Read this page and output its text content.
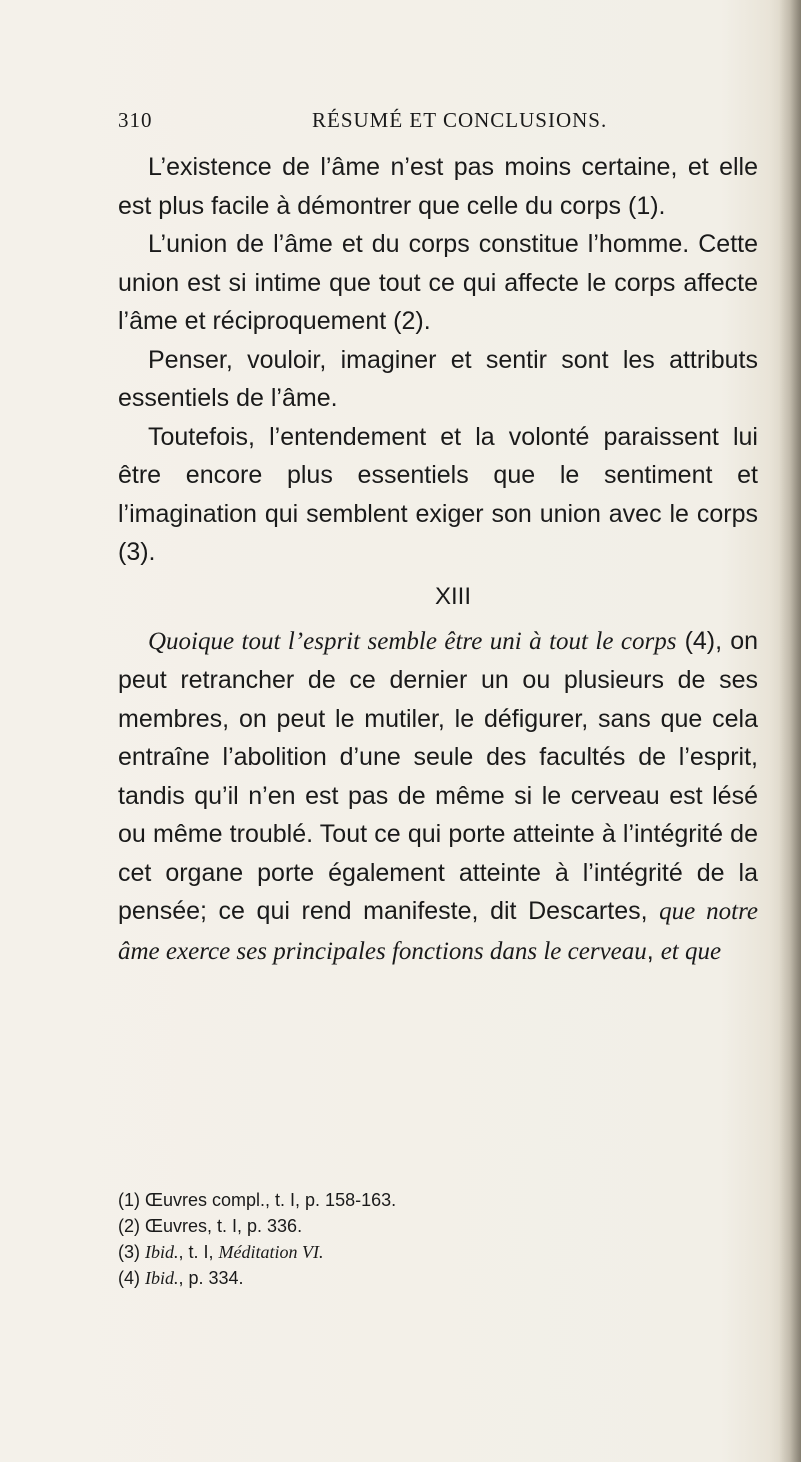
310	RÉSUMÉ ET CONCLUSIONS.

L’existence de l’âme n’est pas moins certaine, et elle est plus facile à démontrer que celle du corps (1).

L’union de l’âme et du corps constitue l’homme. Cette union est si intime que tout ce qui affecte le corps affecte l’âme et réciproquement (2).

Penser, vouloir, imaginer et sentir sont les attributs essentiels de l’âme.

Toutefois, l’entendement et la volonté paraissent lui être encore plus essentiels que le sentiment et l’imagination qui semblent exiger son union avec le corps (3).

XIII

Quoique tout l’esprit semble être uni à tout le corps (4), on peut retrancher de ce dernier un ou plusieurs de ses membres, on peut le mutiler, le défigurer, sans que cela entraîne l’abolition d’une seule des facultés de l’esprit, tandis qu’il n’en est pas de même si le cerveau est lésé ou même troublé. Tout ce qui porte atteinte à l’intégrité de cet organe porte également atteinte à l’intégrité de la pensée; ce qui rend manifeste, dit Descartes, que notre âme exerce ses principales fonctions dans le cerveau, et que

(1) Œuvres compl., t. I, p. 158-163.
(2) Œuvres, t. I, p. 336.
(3) Ibid., t. I, Méditation VI.
(4) Ibid., p. 334.
